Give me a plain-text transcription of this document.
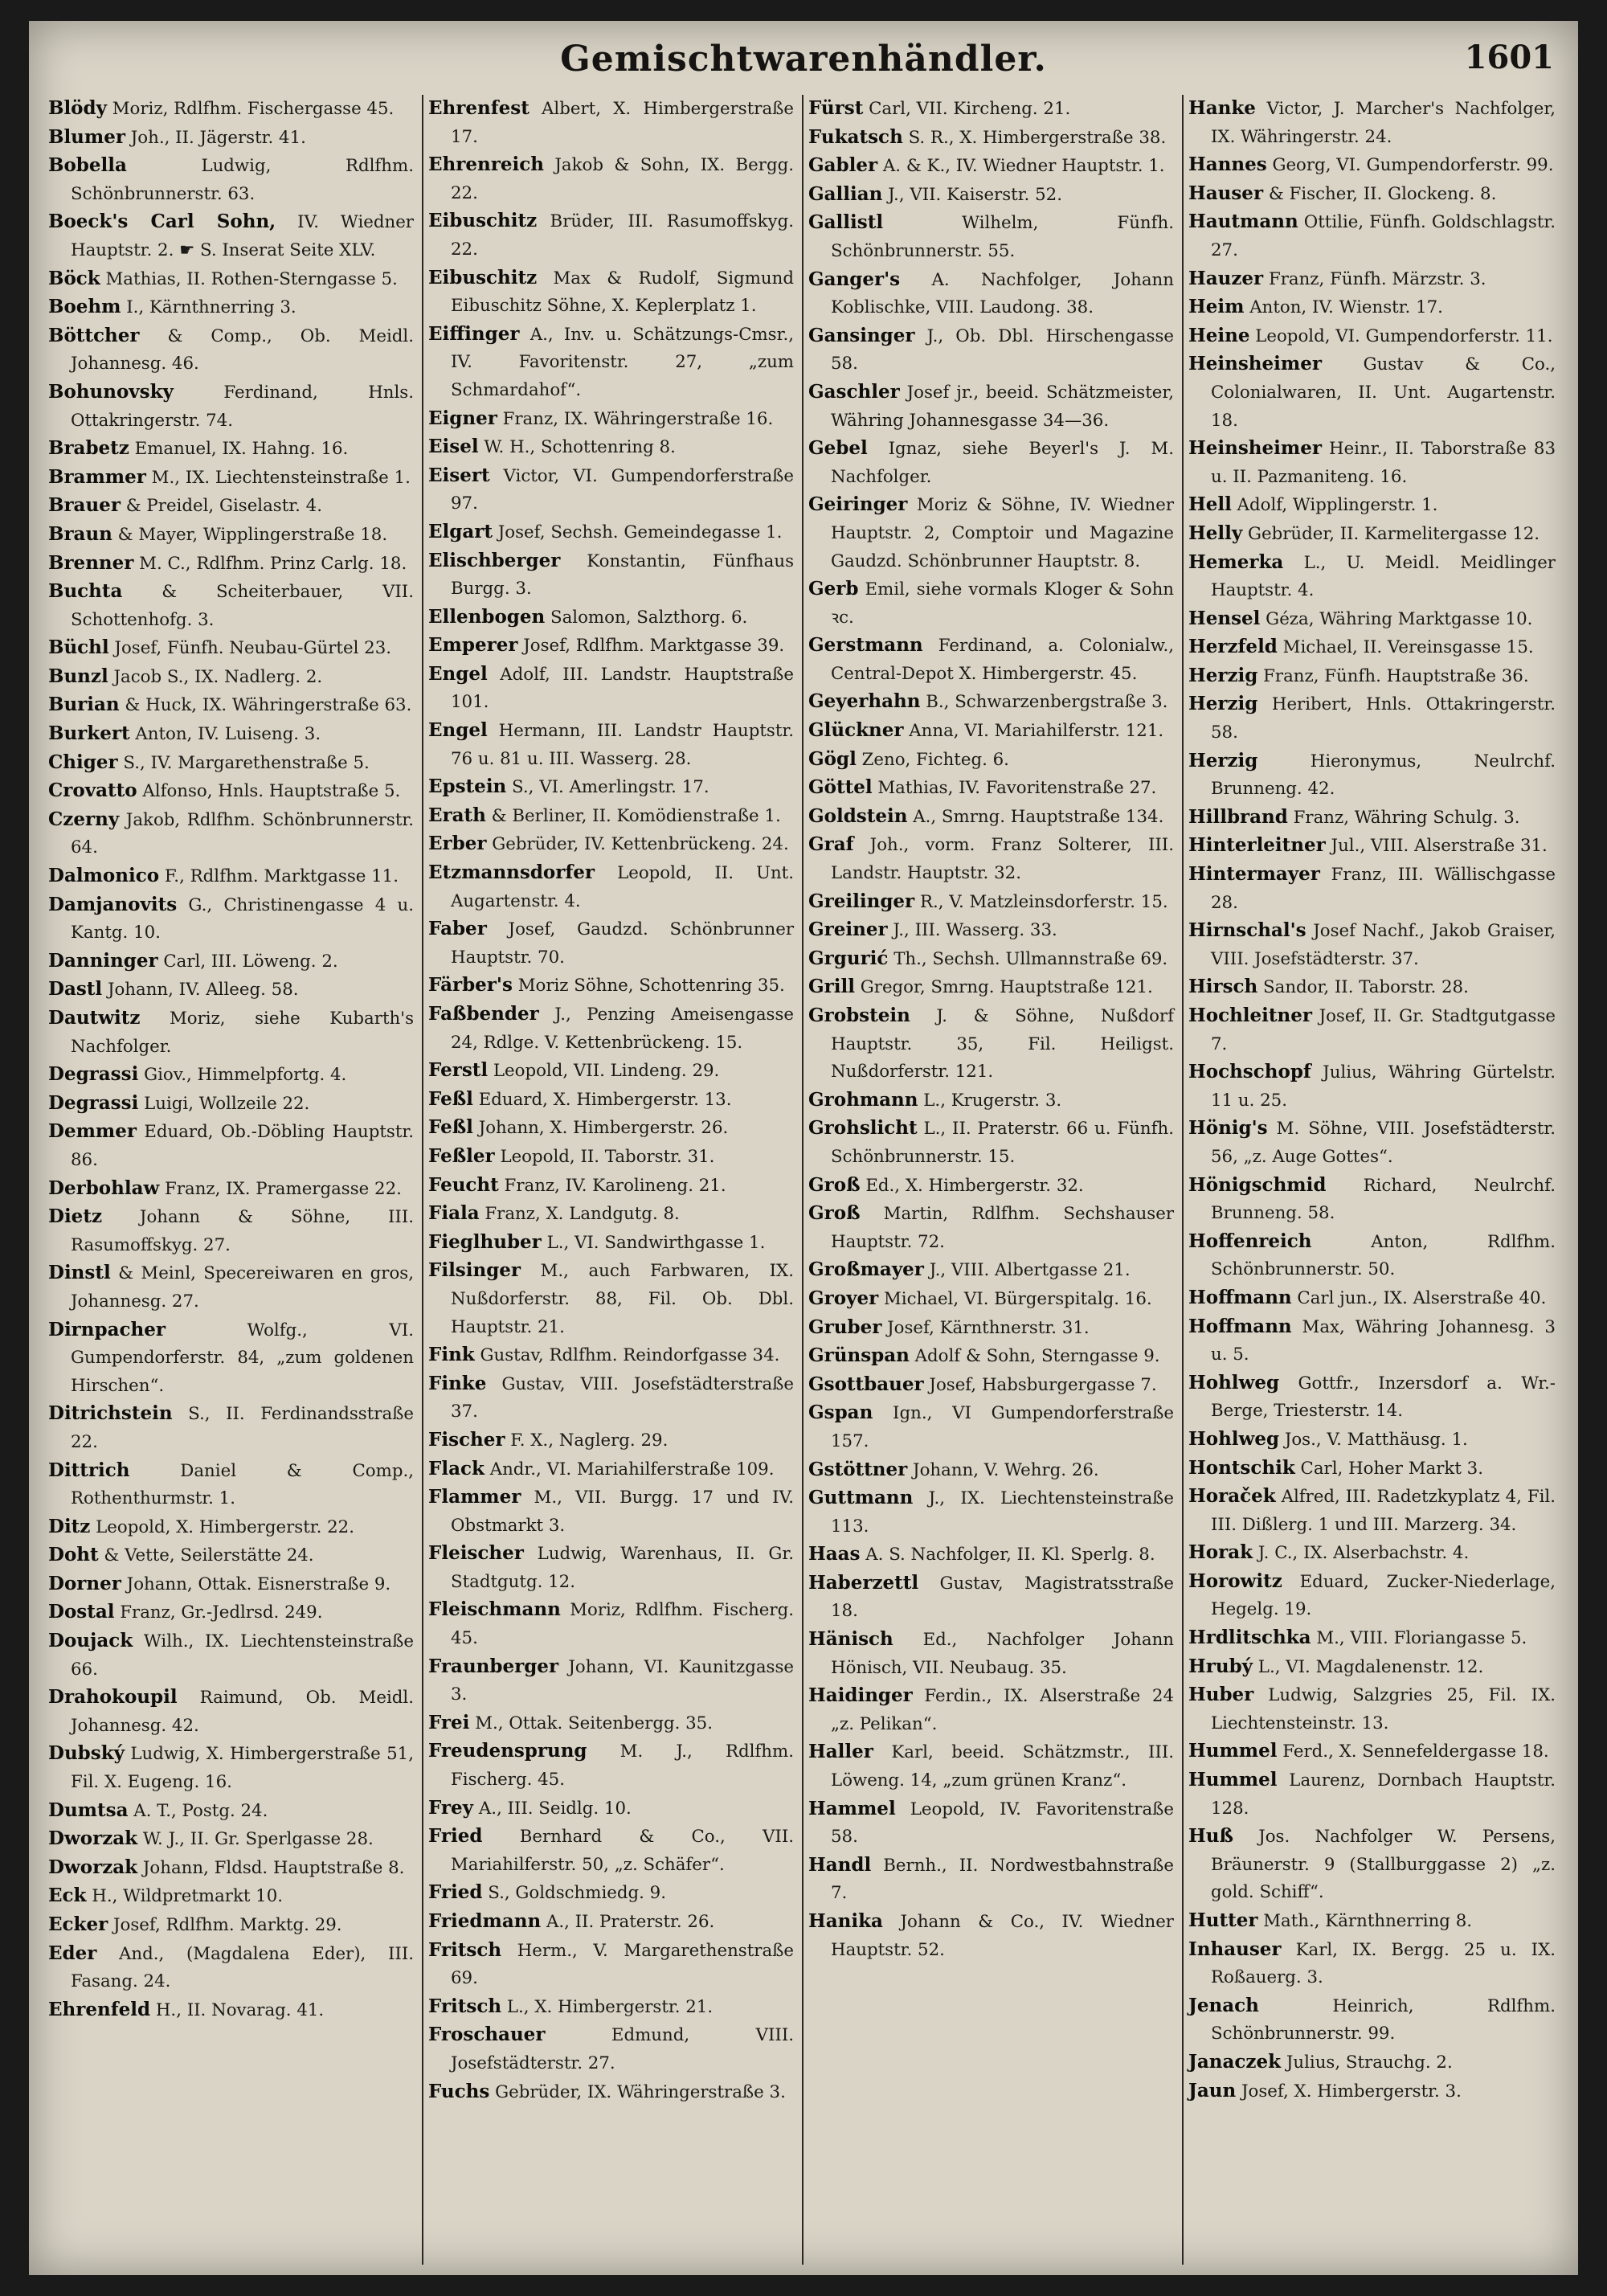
Gemischtwarenhändler.	1601

Blödy Moriz, Rdlfhm. Fischergasse 45.

Blumer Joh., II. Jägerstr. 41.

Bobella Ludwig, Rdlfhm. Schönbrunnerstr. 63.

Boeck's Carl Sohn, IV. Wiedner Hauptstr. 2. ☛ S. Inserat Seite XLV.

Böck Mathias, II. Rothen-Sterngasse 5.

Boehm I., Kärnthnerring 3.

Böttcher & Comp., Ob. Meidl. Johannesg. 46.

Bohunovsky Ferdinand, Hnls. Ottakringerstr. 74.

Brabetz Emanuel, IX. Hahng. 16.

Brammer M., IX. Liechtensteinstraße 1.

Brauer & Preidel, Giselastr. 4.

Braun & Mayer, Wipplingerstraße 18.

Brenner M. C., Rdlfhm. Prinz Carlg. 18.

Buchta & Scheiterbauer, VII. Schottenhofg. 3.

Büchl Josef, Fünfh. Neubau-Gürtel 23.

Bunzl Jacob S., IX. Nadlerg. 2.

Burian & Huck, IX. Währingerstraße 63.

Burkert Anton, IV. Luiseng. 3.

Chiger S., IV. Margarethenstraße 5.

Crovatto Alfonso, Hnls. Hauptstraße 5.

Czerny Jakob, Rdlfhm. Schönbrunnerstr. 64.

Dalmonico F., Rdlfhm. Marktgasse 11.

Damjanovits G., Christinengasse 4 u. Kantg. 10.

Danninger Carl, III. Löweng. 2.

Dastl Johann, IV. Alleeg. 58.

Dautwitz Moriz, siehe Kubarth's Nachfolger.

Degrassi Giov., Himmelpfortg. 4.

Degrassi Luigi, Wollzeile 22.

Demmer Eduard, Ob.-Döbling Hauptstr. 86.

Derbohlaw Franz, IX. Pramergasse 22.

Dietz Johann & Söhne, III. Rasumoffskyg. 27.

Dinstl & Meinl, Specereiwaren en gros, Johannesg. 27.

Dirnpacher Wolfg., VI. Gumpendorferstr. 84, „zum goldenen Hirschen“.

Ditrichstein S., II. Ferdinandsstraße 22.

Dittrich Daniel & Comp., Rothenthurmstr. 1.

Ditz Leopold, X. Himbergerstr. 22.

Doht & Vette, Seilerstätte 24.

Dorner Johann, Ottak. Eisnerstraße 9.

Dostal Franz, Gr.-Jedlrsd. 249.

Doujack Wilh., IX. Liechtensteinstraße 66.

Drahokoupil Raimund, Ob. Meidl. Johannesg. 42.

Dubský Ludwig, X. Himbergerstraße 51, Fil. X. Eugeng. 16.

Dumtsa A. T., Postg. 24.

Dworzak W. J., II. Gr. Sperlgasse 28.

Dworzak Johann, Fldsd. Hauptstraße 8.

Eck H., Wildpretmarkt 10.

Ecker Josef, Rdlfhm. Marktg. 29.

Eder And., (Magdalena Eder), III. Fasang. 24.

Ehrenfeld H., II. Novarag. 41.

Ehrenfest Albert, X. Himbergerstraße 17.

Ehrenreich Jakob & Sohn, IX. Bergg. 22.

Eibuschitz Brüder, III. Rasumoffskyg. 22.

Eibuschitz Max & Rudolf, Sigmund Eibuschitz Söhne, X. Keplerplatz 1.

Eiffinger A., Inv. u. Schätzungs-Cmsr., IV. Favoritenstr. 27, „zum Schmardahof“.

Eigner Franz, IX. Währingerstraße 16.

Eisel W. H., Schottenring 8.

Eisert Victor, VI. Gumpendorferstraße 97.

Elgart Josef, Sechsh. Gemeindegasse 1.

Elischberger Konstantin, Fünfhaus Burgg. 3.

Ellenbogen Salomon, Salzthorg. 6.

Emperer Josef, Rdlfhm. Marktgasse 39.

Engel Adolf, III. Landstr. Hauptstraße 101.

Engel Hermann, III. Landstr Hauptstr. 76 u. 81 u. III. Wasserg. 28.

Epstein S., VI. Amerlingstr. 17.

Erath & Berliner, II. Komödienstraße 1.

Erber Gebrüder, IV. Kettenbrückeng. 24.

Etzmannsdorfer Leopold, II. Unt. Augartenstr. 4.

Faber Josef, Gaudzd. Schönbrunner Hauptstr. 70.

Färber's Moriz Söhne, Schottenring 35.

Faßbender J., Penzing Ameisengasse 24, Rdlge. V. Kettenbrückeng. 15.

Ferstl Leopold, VII. Lindeng. 29.

Feßl Eduard, X. Himbergerstr. 13.

Feßl Johann, X. Himbergerstr. 26.

Feßler Leopold, II. Taborstr. 31.

Feucht Franz, IV. Karolineng. 21.

Fiala Franz, X. Landgutg. 8.

Fieglhuber L., VI. Sandwirthgasse 1.

Filsinger M., auch Farbwaren, IX. Nußdorferstr. 88, Fil. Ob. Dbl. Hauptstr. 21.

Fink Gustav, Rdlfhm. Reindorfgasse 34.

Finke Gustav, VIII. Josefstädterstraße 37.

Fischer F. X., Naglerg. 29.

Flack Andr., VI. Mariahilferstraße 109.

Flammer M., VII. Burgg. 17 und IV. Obstmarkt 3.

Fleischer Ludwig, Warenhaus, II. Gr. Stadtgutg. 12.

Fleischmann Moriz, Rdlfhm. Fischerg. 45.

Fraunberger Johann, VI. Kaunitzgasse 3.

Frei M., Ottak. Seitenbergg. 35.

Freudensprung M. J., Rdlfhm. Fischerg. 45.

Frey A., III. Seidlg. 10.

Fried Bernhard & Co., VII. Mariahilferstr. 50, „z. Schäfer“.

Fried S., Goldschmiedg. 9.

Friedmann A., II. Praterstr. 26.

Fritsch Herm., V. Margarethenstraße 69.

Fritsch L., X. Himbergerstr. 21.

Froschauer Edmund, VIII. Josefstädterstr. 27.

Fuchs Gebrüder, IX. Währingerstraße 3.

Fürst Carl, VII. Kircheng. 21.

Fukatsch S. R., X. Himbergerstraße 38.

Gabler A. & K., IV. Wiedner Hauptstr. 1.

Gallian J., VII. Kaiserstr. 52.

Gallistl Wilhelm, Fünfh. Schönbrunnerstr. 55.

Ganger's A. Nachfolger, Johann Koblischke, VIII. Laudong. 38.

Gansinger J., Ob. Dbl. Hirschengasse 58.

Gaschler Josef jr., beeid. Schätzmeister, Währing Johannesgasse 34—36.

Gebel Ignaz, siehe Beyerl's J. M. Nachfolger.

Geiringer Moriz & Söhne, IV. Wiedner Hauptstr. 2, Comptoir und Magazine Gaudzd. Schönbrunner Hauptstr. 8.

Gerb Emil, siehe vormals Kloger & Sohn ꝛc.

Gerstmann Ferdinand, a. Colonialw., Central-Depot X. Himbergerstr. 45.

Geyerhahn B., Schwarzenbergstraße 3.

Glückner Anna, VI. Mariahilferstr. 121.

Gögl Zeno, Fichteg. 6.

Göttel Mathias, IV. Favoritenstraße 27.

Goldstein A., Smrng. Hauptstraße 134.

Graf Joh., vorm. Franz Solterer, III. Landstr. Hauptstr. 32.

Greilinger R., V. Matzleinsdorferstr. 15.

Greiner J., III. Wasserg. 33.

Grgurić Th., Sechsh. Ullmannstraße 69.

Grill Gregor, Smrng. Hauptstraße 121.

Grobstein J. & Söhne, Nußdorf Hauptstr. 35, Fil. Heiligst. Nußdorferstr. 121.

Grohmann L., Krugerstr. 3.

Grohslicht L., II. Praterstr. 66 u. Fünfh. Schönbrunnerstr. 15.

Groß Ed., X. Himbergerstr. 32.

Groß Martin, Rdlfhm. Sechshauser Hauptstr. 72.

Großmayer J., VIII. Albertgasse 21.

Groyer Michael, VI. Bürgerspitalg. 16.

Gruber Josef, Kärnthnerstr. 31.

Grünspan Adolf & Sohn, Sterngasse 9.

Gsottbauer Josef, Habsburgergasse 7.

Gspan Ign., VI Gumpendorferstraße 157.

Gstöttner Johann, V. Wehrg. 26.

Guttmann J., IX. Liechtensteinstraße 113.

Haas A. S. Nachfolger, II. Kl. Sperlg. 8.

Haberzettl Gustav, Magistratsstraße 18.

Hänisch Ed., Nachfolger Johann Hönisch, VII. Neubaug. 35.

Haidinger Ferdin., IX. Alserstraße 24 „z. Pelikan“.

Haller Karl, beeid. Schätzmstr., III. Löweng. 14, „zum grünen Kranz“.

Hammel Leopold, IV. Favoritenstraße 58.

Handl Bernh., II. Nordwestbahnstraße 7.

Hanika Johann & Co., IV. Wiedner Hauptstr. 52.

Hanke Victor, J. Marcher's Nachfolger, IX. Währingerstr. 24.

Hannes Georg, VI. Gumpendorferstr. 99.

Hauser & Fischer, II. Glockeng. 8.

Hautmann Ottilie, Fünfh. Goldschlagstr. 27.

Hauzer Franz, Fünfh. Märzstr. 3.

Heim Anton, IV. Wienstr. 17.

Heine Leopold, VI. Gumpendorferstr. 11.

Heinsheimer Gustav & Co., Colonialwaren, II. Unt. Augartenstr. 18.

Heinsheimer Heinr., II. Taborstraße 83 u. II. Pazmaniteng. 16.

Hell Adolf, Wipplingerstr. 1.

Helly Gebrüder, II. Karmelitergasse 12.

Hemerka L., U. Meidl. Meidlinger Hauptstr. 4.

Hensel Géza, Währing Marktgasse 10.

Herzfeld Michael, II. Vereinsgasse 15.

Herzig Franz, Fünfh. Hauptstraße 36.

Herzig Heribert, Hnls. Ottakringerstr. 58.

Herzig Hieronymus, Neulrchf. Brunneng. 42.

Hillbrand Franz, Währing Schulg. 3.

Hinterleitner Jul., VIII. Alserstraße 31.

Hintermayer Franz, III. Wällischgasse 28.

Hirnschal's Josef Nachf., Jakob Graiser, VIII. Josefstädterstr. 37.

Hirsch Sandor, II. Taborstr. 28.

Hochleitner Josef, II. Gr. Stadtgutgasse 7.

Hochschopf Julius, Währing Gürtelstr. 11 u. 25.

Hönig's M. Söhne, VIII. Josefstädterstr. 56, „z. Auge Gottes“.

Hönigschmid Richard, Neulrchf. Brunneng. 58.

Hoffenreich Anton, Rdlfhm. Schönbrunnerstr. 50.

Hoffmann Carl jun., IX. Alserstraße 40.

Hoffmann Max, Währing Johannesg. 3 u. 5.

Hohlweg Gottfr., Inzersdorf a. Wr.-Berge, Triesterstr. 14.

Hohlweg Jos., V. Matthäusg. 1.

Hontschik Carl, Hoher Markt 3.

Horaček Alfred, III. Radetzkyplatz 4, Fil. III. Dißlerg. 1 und III. Marzerg. 34.

Horak J. C., IX. Alserbachstr. 4.

Horowitz Eduard, Zucker-Niederlage, Hegelg. 19.

Hrdlitschka M., VIII. Floriangasse 5.

Hrubý L., VI. Magdalenenstr. 12.

Huber Ludwig, Salzgries 25, Fil. IX. Liechtensteinstr. 13.

Hummel Ferd., X. Sennefeldergasse 18.

Hummel Laurenz, Dornbach Hauptstr. 128.

Huß Jos. Nachfolger W. Persens, Bräunerstr. 9 (Stallburggasse 2) „z. gold. Schiff“.

Hutter Math., Kärnthnerring 8.

Inhauser Karl, IX. Bergg. 25 u. IX. Roßauerg. 3.

Jenach Heinrich, Rdlfhm. Schönbrunnerstr. 99.

Janaczek Julius, Strauchg. 2.

Jaun Josef, X. Himbergerstr. 3.
